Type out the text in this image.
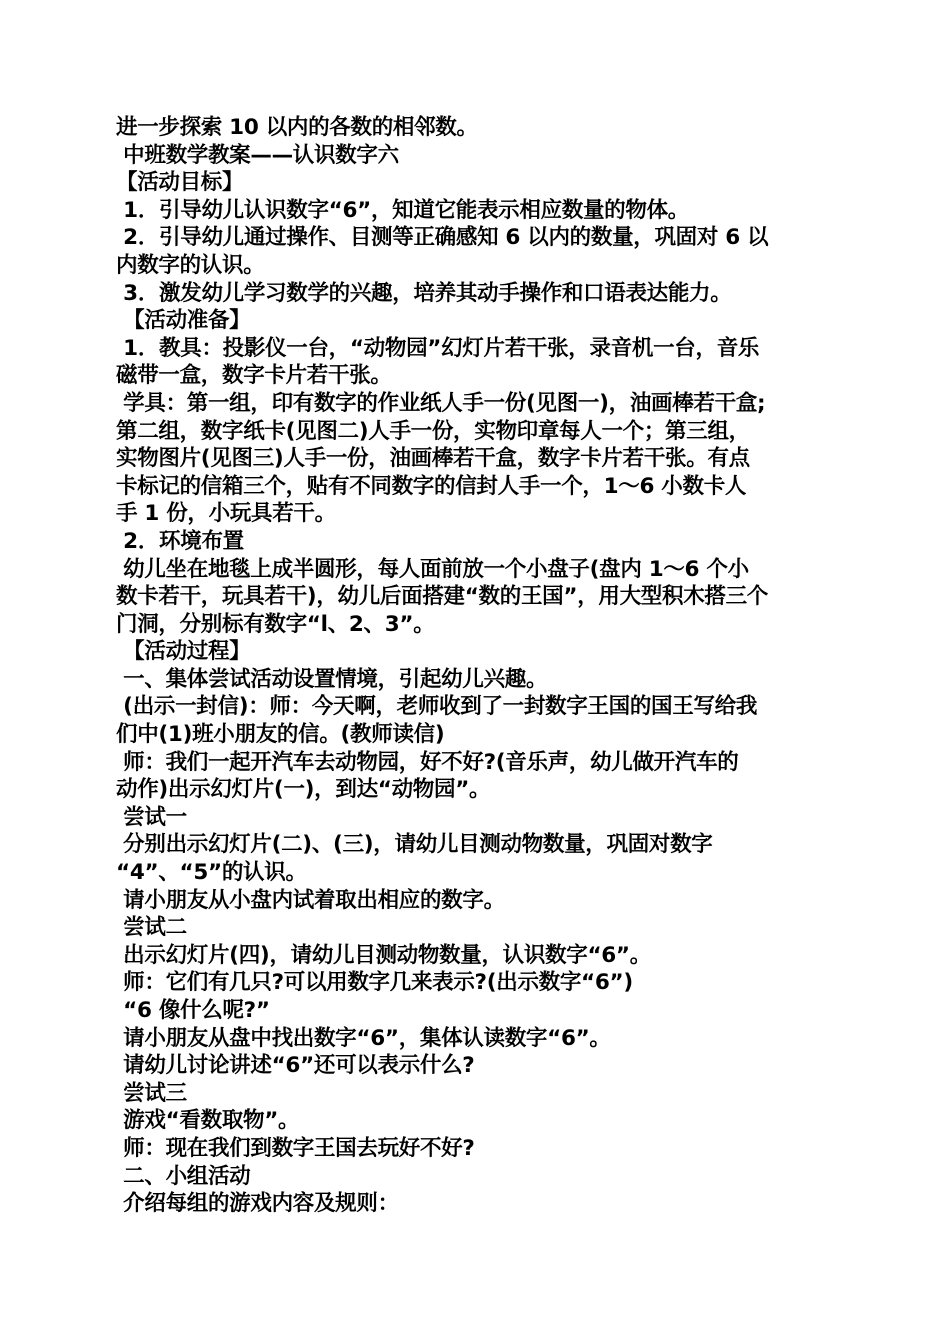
进一步探索 10 以内的各数的相邻数。
中班数学教案——认识数字六
【活动目标】
1．引导幼儿认识数字“6”，知道它能表示相应数量的物体。
2．引导幼儿通过操作、目测等正确感知 6 以内的数量，巩固对 6 以
内数字的认识。
3．激发幼儿学习数学的兴趣，培养其动手操作和口语表达能力。
【活动准备】
1．教具：投影仪一台，“动物园”幻灯片若干张，录音机一台，音乐
磁带一盒，数字卡片若干张。
学具：第一组，印有数字的作业纸人手一份(见图一)，油画棒若干盒;
第二组，数字纸卡(见图二)人手一份，实物印章每人一个；第三组，
实物图片(见图三)人手一份，油画棒若干盒，数字卡片若干张。有点
卡标记的信箱三个，贴有不同数字的信封人手一个，1～6 小数卡人
手 1 份，小玩具若干。
2．环境布置
幼儿坐在地毯上成半圆形，每人面前放一个小盘子(盘内 1～6 个小
数卡若干，玩具若干)，幼儿后面搭建“数的王国”，用大型积木搭三个
门洞，分别标有数字“l、2、3”。
【活动过程】
一、集体尝试活动设置情境，引起幼儿兴趣。
(出示一封信)：师：今天啊，老师收到了一封数字王国的国王写给我
们中(1)班小朋友的信。(教师读信)
师：我们一起开汽车去动物园，好不好?(音乐声，幼儿做开汽车的
动作)出示幻灯片(一)，到达“动物园”。
尝试一
分别出示幻灯片(二)、(三)，请幼儿目测动物数量，巩固对数字
“4”、“5”的认识。
请小朋友从小盘内试着取出相应的数字。
尝试二
出示幻灯片(四)，请幼儿目测动物数量，认识数字“6”。
师：它们有几只?可以用数字几来表示?(出示数字“6”)
“6 像什么呢?”
请小朋友从盘中找出数字“6”，集体认读数字“6”。
请幼儿讨论讲述“6”还可以表示什么?
尝试三
游戏“看数取物”。
师：现在我们到数字王国去玩好不好?
二、小组活动
介绍每组的游戏内容及规则：
